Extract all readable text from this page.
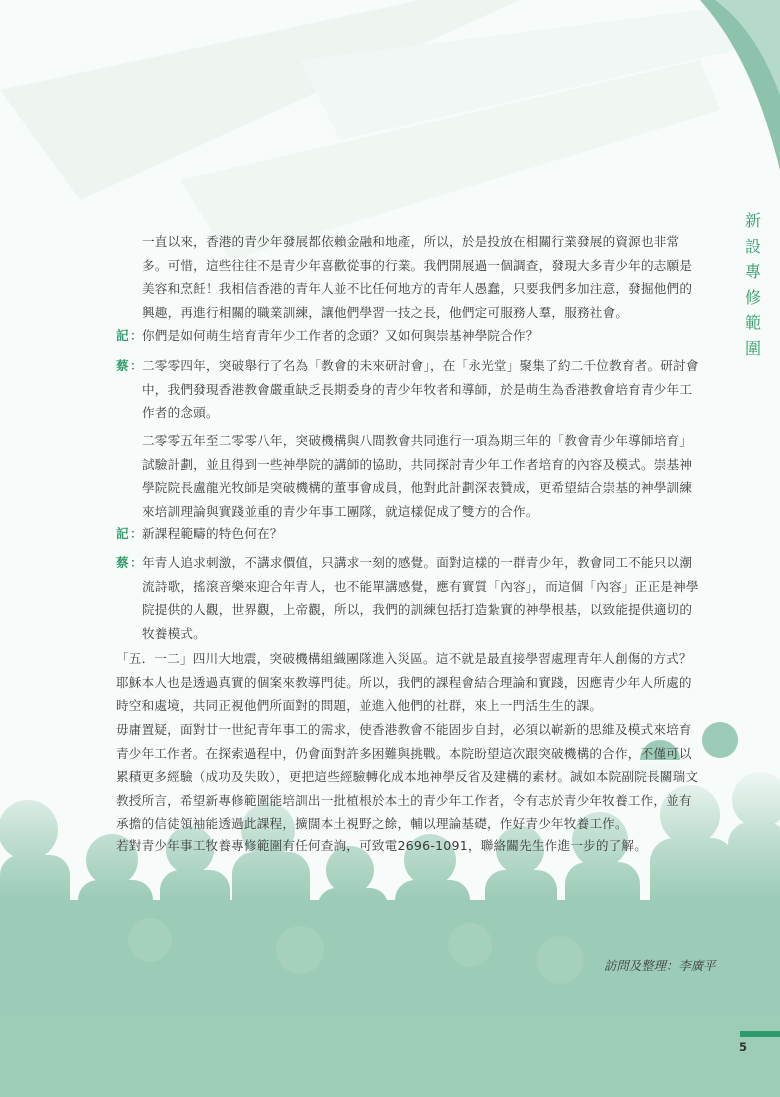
新
設
專
修
範
圍
一直以來，香港的青少年發展都依賴金融和地產，所以，於是投放在相關行業發展的資源也非常
多。可惜，這些往往不是青少年喜歡從事的行業。我們開展過一個調查，發現大多青少年的志願是
美容和烹飪！我相信香港的青年人並不比任何地方的青年人愚蠢，只要我們多加注意，發掘他們的
興趣，再進行相關的職業訓練，讓他們學習一技之長，他們定可服務人羣，服務社會。
記 ： 你們是如何萌生培育青年少工作者的念頭？又如何與崇基神學院合作？
蔡 ： 二零零四年，突破舉行了名為「教會的未來研討會」，在「永光堂」聚集了約二千位教育者。研討會
中，我們發現香港教會嚴重缺乏長期委身的青少年牧者和導師，於是萌生為香港教會培育青少年工
作者的念頭。
二零零五年至二零零八年，突破機構與八間教會共同進行一項為期三年的「教會青少年導師培育」
試驗計劃，並且得到一些神學院的講師的協助，共同探討青少年工作者培育的內容及模式。崇基神
學院院長盧龍光牧師是突破機構的董事會成員，他對此計劃深表贊成，更希望結合崇基的神學訓練
來培訓理論與實踐並重的青少年事工團隊，就這樣促成了雙方的合作。
記 ： 新課程範疇的特色何在？
蔡 ： 年青人追求刺激，不講求價值，只講求一刻的感覺。面對這樣的一群青少年，教會同工不能只以潮
流詩歌，搖滾音樂來迎合年青人，也不能單講感覺，應有實質「內容」，而這個「內容」正正是神學
院提供的人觀，世界觀，上帝觀，所以，我們的訓練包括打造紮實的神學根基，以致能提供適切的
牧養模式。
「五．一二」四川大地震，突破機構組織團隊進入災區。這不就是最直接學習處理青年人創傷的方式？
耶穌本人也是透過真實的個案來教導門徒。所以，我們的課程會結合理論和實踐，因應青少年人所處的
時空和處境，共同正視他們所面對的問題，並進入他們的社群，來上一門活生生的課。
毋庸置疑，面對廿一世紀青年事工的需求，使香港教會不能固步自封，必須以嶄新的思維及模式來培育
青少年工作者。在探索過程中，仍會面對許多困難與挑戰。本院盼望這次跟突破機構的合作，不僅可以
累積更多經驗（成功及失敗），更把這些經驗轉化成本地神學反省及建構的素材。誠如本院副院長關瑞文
教授所言，希望新專修範圍能培訓出一批植根於本土的青少年工作者，令有志於青少年牧養工作，並有
承擔的信徒領袖能透過此課程，擴闊本土視野之餘，輔以理論基礎，作好青少年牧養工作。
若對青少年事工牧養專修範圍有任何查詢，可致電2696-1091，聯絡關先生作進一步的了解。
訪問及整理：李廣平
5
